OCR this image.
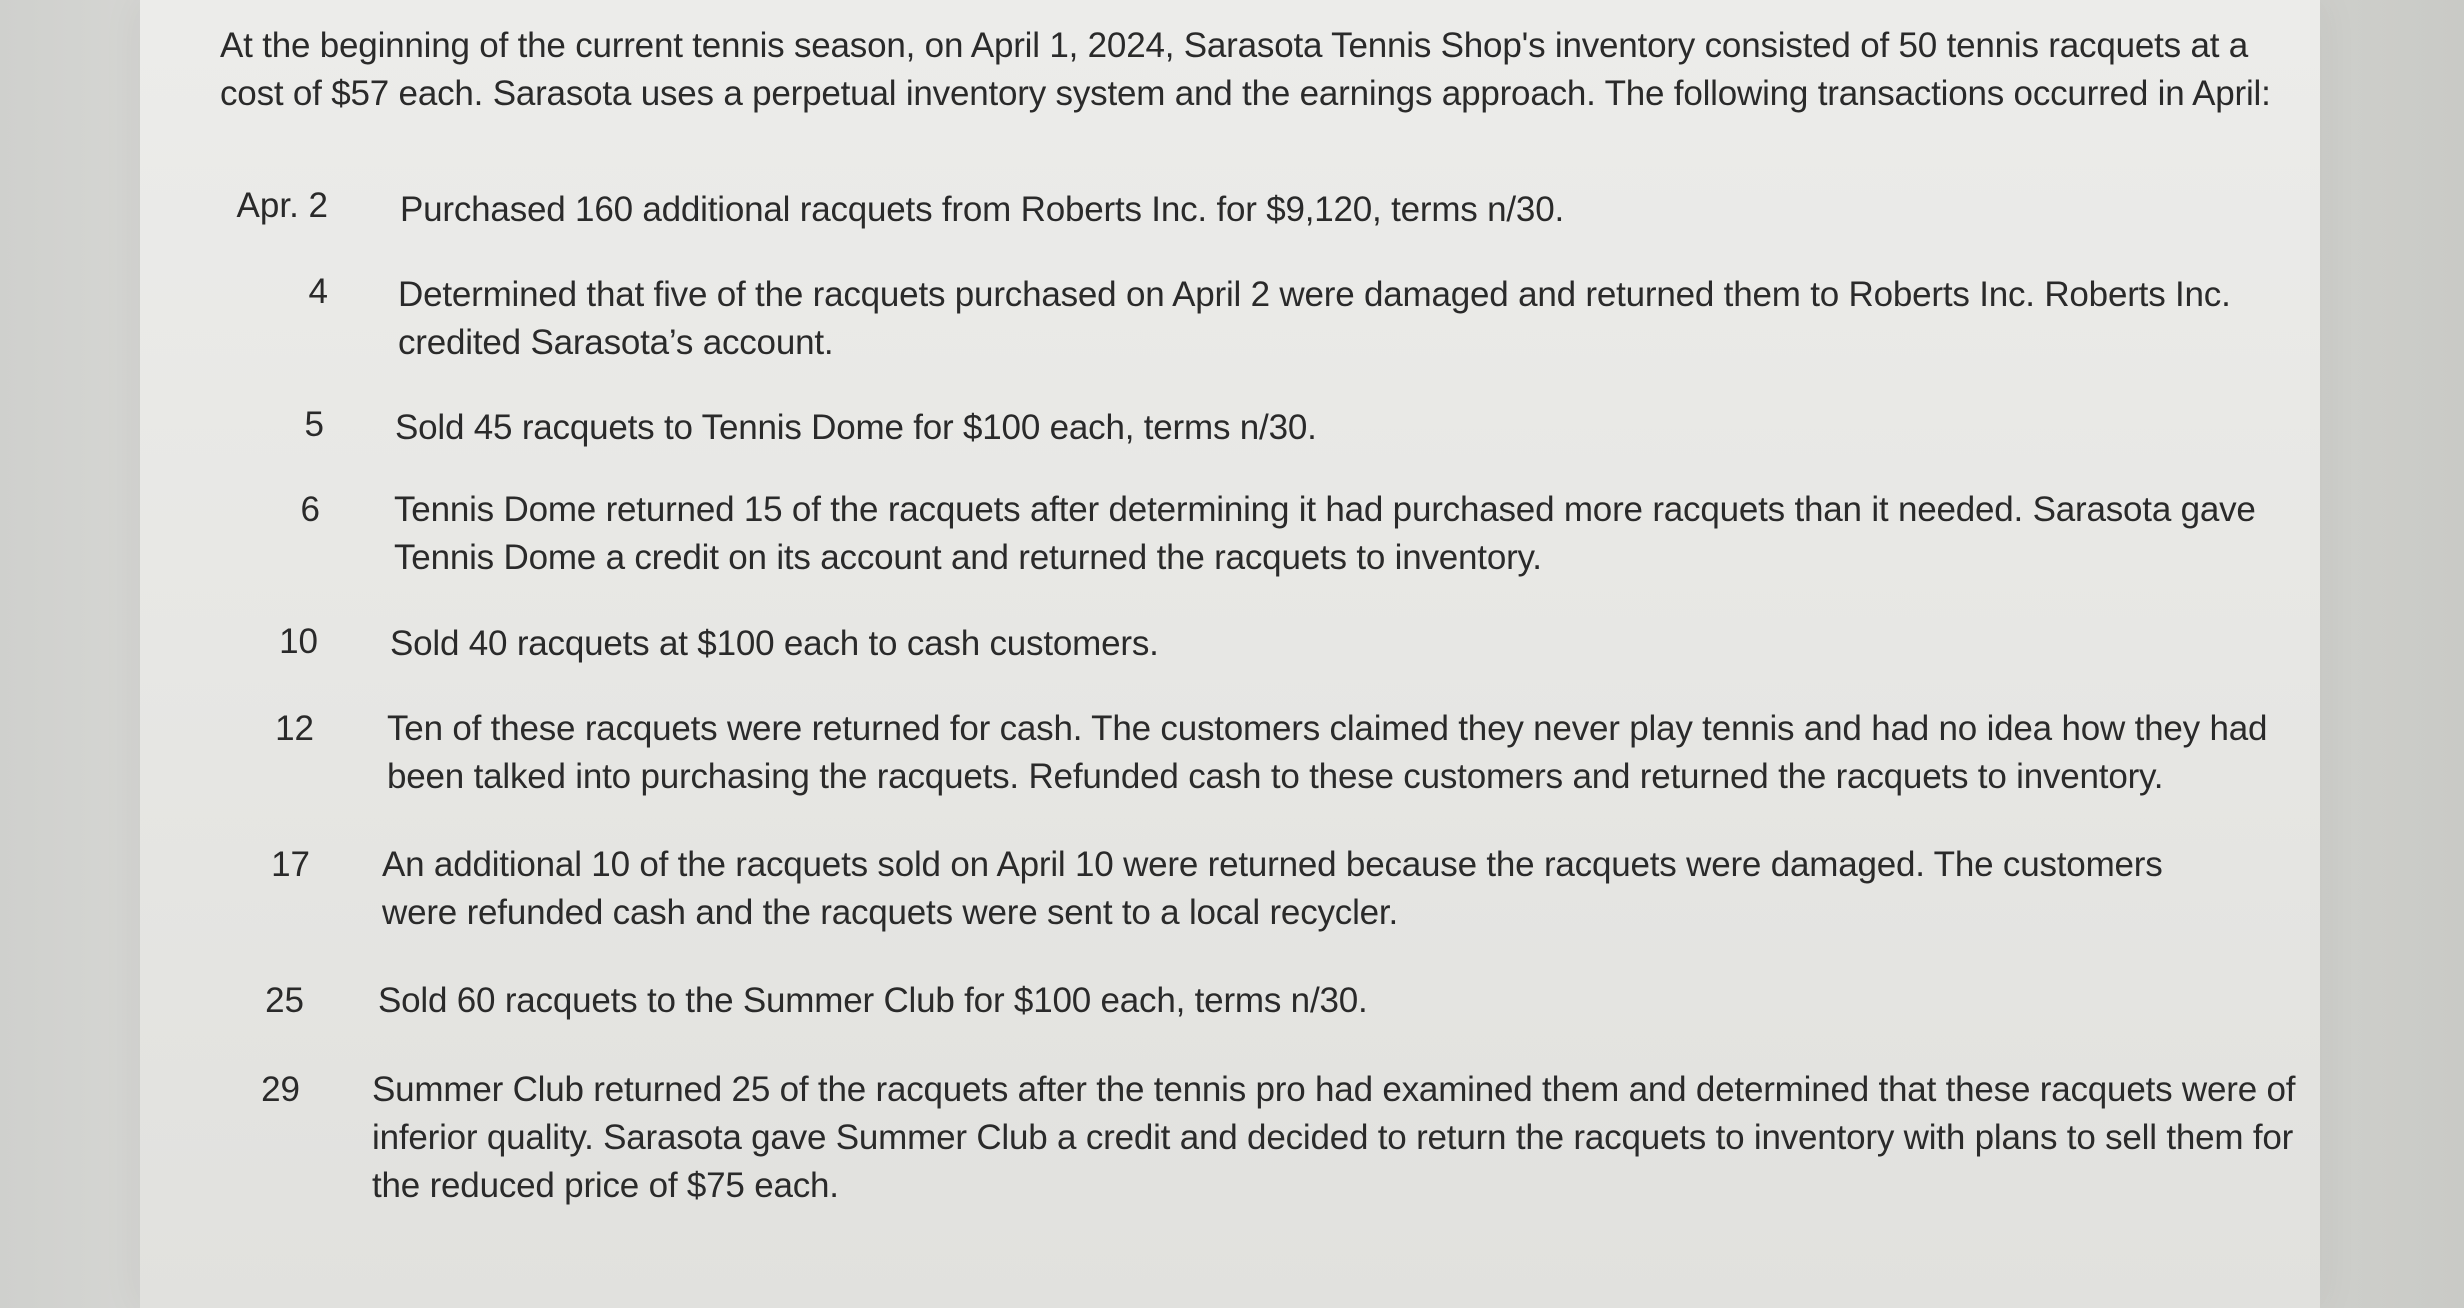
At the beginning of the current tennis season, on April 1, 2024, Sarasota Tennis Shop's inventory consisted of 50 tennis racquets at a cost of $57 each. Sarasota uses a perpetual inventory system and the earnings approach. The following transactions occurred in April:
Apr. 2 Purchased 160 additional racquets from Roberts Inc. for $9,120, terms n/30.
4 Determined that five of the racquets purchased on April 2 were damaged and returned them to Roberts Inc. Roberts Inc. credited Sarasota’s account.
5 Sold 45 racquets to Tennis Dome for $100 each, terms n/30.
6 Tennis Dome returned 15 of the racquets after determining it had purchased more racquets than it needed. Sarasota gave Tennis Dome a credit on its account and returned the racquets to inventory.
10 Sold 40 racquets at $100 each to cash customers.
12 Ten of these racquets were returned for cash. The customers claimed they never play tennis and had no idea how they had been talked into purchasing the racquets. Refunded cash to these customers and returned the racquets to inventory.
17 An additional 10 of the racquets sold on April 10 were returned because the racquets were damaged. The customers were refunded cash and the racquets were sent to a local recycler.
25 Sold 60 racquets to the Summer Club for $100 each, terms n/30.
29 Summer Club returned 25 of the racquets after the tennis pro had examined them and determined that these racquets were of inferior quality. Sarasota gave Summer Club a credit and decided to return the racquets to inventory with plans to sell them for the reduced price of $75 each.
